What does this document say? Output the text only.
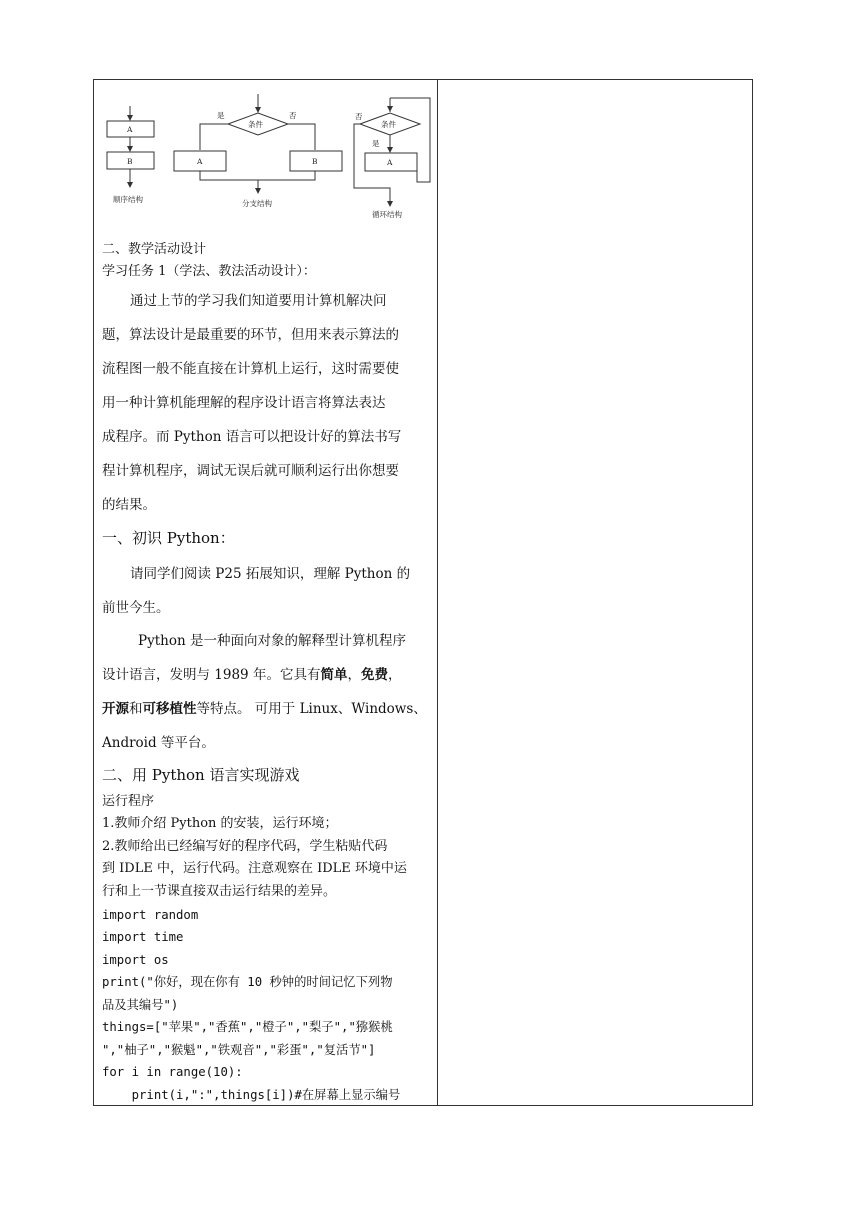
A
B
顺序结构
条件
是	否
A	B
分支结构
条件
是
否
A
循环结构
二、教学活动设计
学习任务 1（学法、教法活动设计）：
通过上节的学习我们知道要用计算机解决问
题，算法设计是最重要的环节，但用来表示算法的
流程图一般不能直接在计算机上运行，这时需要使
用一种计算机能理解的程序设计语言将算法表达
成程序。而 Python 语言可以把设计好的算法书写
程计算机程序，调试无误后就可顺利运行出你想要
的结果。
一、初识 Python：
请同学们阅读 P25 拓展知识，理解 Python 的
前世今生。
Python 是一种面向对象的解释型计算机程序
设计语言，发明与 1989 年。它具有简单，免费，
开源和可移植性等特点。 可用于 Linux、Windows、
Android 等平台。
二、用 Python 语言实现游戏
运行程序
1.教师介绍 Python 的安装，运行环境；
2.教师给出已经编写好的程序代码，学生粘贴代码
到 IDLE 中，运行代码。注意观察在 IDLE 环境中运
行和上一节课直接双击运行结果的差异。
import random
import time
import os
print("你好，现在你有 10 秒钟的时间记忆下列物
品及其编号")
things=["苹果","香蕉","橙子","梨子","猕猴桃
","柚子","猴魁","铁观音","彩蛋","复活节"]
for i in range(10):
print(i,":",things[i])#在屏幕上显示编号
